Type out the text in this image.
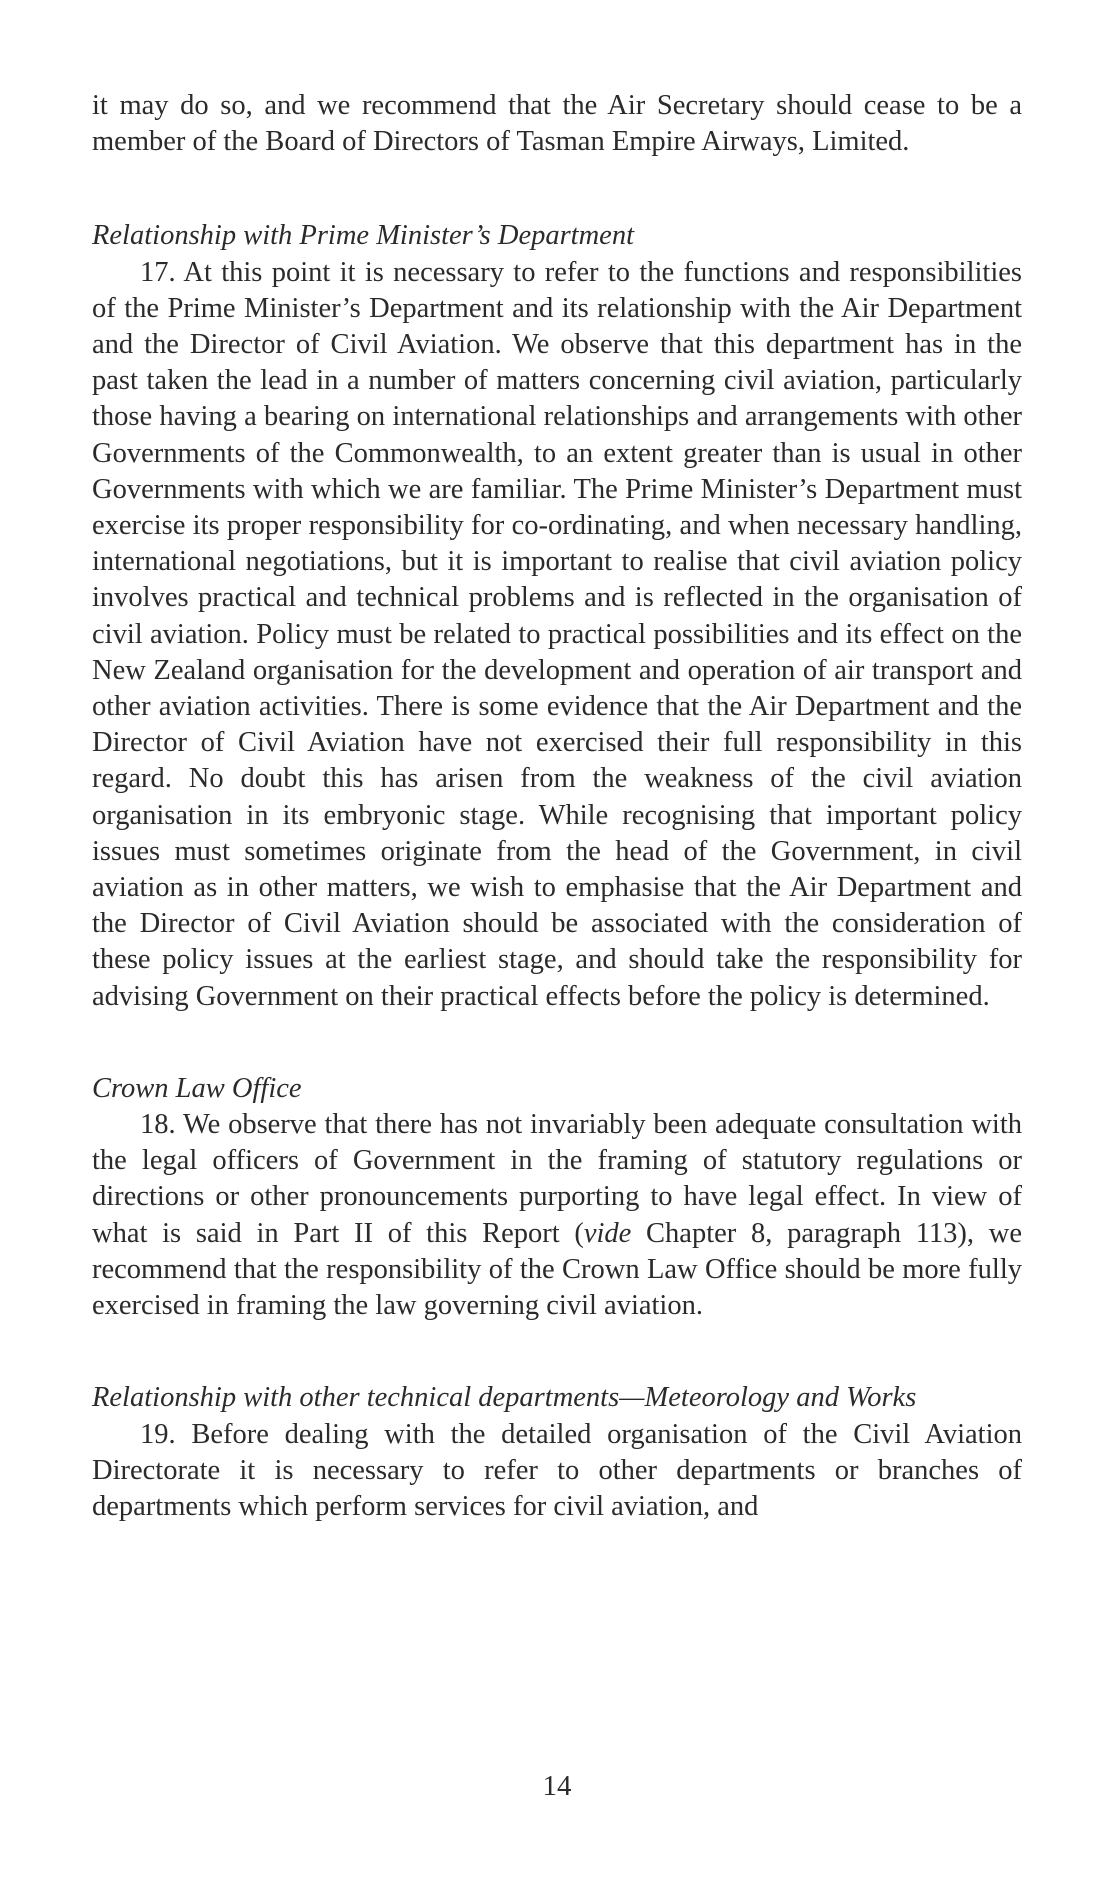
it may do so, and we recommend that the Air Secretary should cease to be a member of the Board of Directors of Tasman Empire Airways, Limited.

Relationship with Prime Minister’s Department

17. At this point it is necessary to refer to the functions and responsibilities of the Prime Minister’s Department and its relationship with the Air Department and the Director of Civil Aviation. We observe that this department has in the past taken the lead in a number of matters concerning civil aviation, particularly those having a bearing on international relationships and arrangements with other Governments of the Commonwealth, to an extent greater than is usual in other Governments with which we are familiar. The Prime Minister’s Department must exercise its proper responsibility for co-ordinating, and when necessary handling, international negotiations, but it is important to realise that civil aviation policy involves practical and technical problems and is reflected in the organisation of civil aviation. Policy must be related to practical possibilities and its effect on the New Zealand organisation for the development and operation of air transport and other aviation activities. There is some evidence that the Air Department and the Director of Civil Aviation have not exercised their full responsibility in this regard. No doubt this has arisen from the weakness of the civil aviation organisation in its embryonic stage. While recognising that important policy issues must sometimes originate from the head of the Government, in civil aviation as in other matters, we wish to emphasise that the Air Department and the Director of Civil Aviation should be associated with the consideration of these policy issues at the earliest stage, and should take the responsibility for advising Government on their practical effects before the policy is determined.

Crown Law Office

18. We observe that there has not invariably been adequate consultation with the legal officers of Government in the framing of statutory regulations or directions or other pronouncements purporting to have legal effect. In view of what is said in Part II of this Report (vide Chapter 8, paragraph 113), we recommend that the responsibility of the Crown Law Office should be more fully exercised in framing the law governing civil aviation.

Relationship with other technical departments—Meteorology and Works

19. Before dealing with the detailed organisation of the Civil Aviation Directorate it is necessary to refer to other departments or branches of departments which perform services for civil aviation, and

14
